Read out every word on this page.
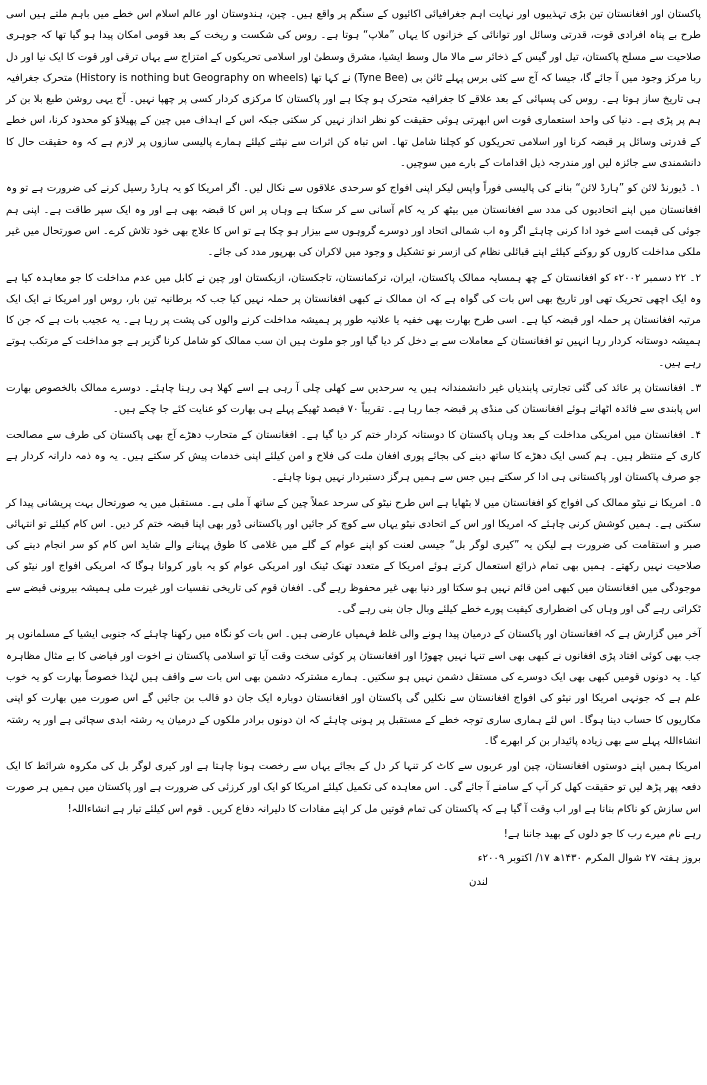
پاکستان اور افغانستان تین بڑی تہذیبوں اور نہایت اہم جغرافیائی اکائیوں کے سنگم پر واقع ہیں۔ چین، ہندوستان اور عالم اسلام اس خطے میں باہم ملتے ہیں اسی طرح بے پناہ افرادی قوت، قدرتی وسائل اور توانائی کے خزانوں کا یہاں ”ملاپ“ ہوتا ہے۔ روس کی شکست و ریخت کے بعد قومی امکان پیدا ہو گیا تھا کہ جوہری صلاحیت سے مسلح پاکستان، تیل اور گیس کے ذخائر سے مالا مال وسط ایشیا، مشرق وسطیٰ اور اسلامی تحریکوں کے امتزاج سے یہاں ترقی اور قوت کا ایک نیا اور دل ربا مرکز وجود میں آ جائے گا، جیسا کہ آج سے کئی برس پہلے ٹائن بی (Tyne Bee) نے کہا تھا (History is nothing but Geography on wheels) متحرک جغرافیہ ہی تاریخ ساز ہوتا ہے۔ روس کی پسپائی کے بعد علاقے کا جغرافیہ متحرک ہو چکا ہے اور پاکستان کا مرکزی کردار کسی پر چھپا نہیں۔ آج یہی روشن طبع بلا بن کر ہم پر پڑی ہے۔ دنیا کی واحد استعماری قوت اس ابھرتی ہوئی حقیقت کو نظر انداز نہیں کر سکتی جبکہ اس کے اہداف میں چین کے پھیلاؤ کو محدود کرنا، اس خطے کے قدرتی وسائل پر قبضہ کرنا اور اسلامی تحریکوں کو کچلنا شامل تھا۔ اس تباہ کن اثرات سے نپٹنے کیلئے ہمارے پالیسی سازوں پر لازم ہے کہ وہ حقیقت حال کا دانشمندی سے جائزہ لیں اور مندرجہ ذیل اقدامات کے بارے میں سوچیں۔

۱۔ ڈیورنڈ لائن کو ”ہارڈ لائن“ بنانے کی پالیسی فوراً واپس لیکر اپنی افواج کو سرحدی علاقوں سے نکال لیں۔ اگر امریکا کو یہ ہارڈ رسیل کرنے کی ضرورت ہے تو وہ افغانستان میں اپنے اتحادیوں کی مدد سے افغانستان میں بیٹھ کر یہ کام آسانی سے کر سکتا ہے وہاں پر اس کا قبضہ بھی ہے اور وہ ایک سپر طاقت ہے۔ اپنی ہم جوئی کی قیمت اسے خود ادا کرنی چاہئے اگر وہ اب شمالی اتحاد اور دوسرے گروہوں سے بیزار ہو چکا ہے تو اس کا علاج بھی خود تلاش کرے۔ اس صورتحال میں غیر ملکی مداخلت کاروں کو روکنے کیلئے اپنے قبائلی نظام کی ازسر نو تشکیل و وجود میں لاکران کی بھرپور مدد کی جائے۔

۲۔ ۲۲ دسمبر ۲۰۰۲ء کو افغانستان کے چھ ہمسایہ ممالک پاکستان، ایران، ترکمانستان، تاجکستان، ازبکستان اور چین نے کابل میں عدم مداخلت کا جو معاہدہ کیا ہے وہ ایک اچھی تحریک تھی اور تاریخ بھی اس بات کی گواہ ہے کہ ان ممالک نے کبھی افغانستان پر حملہ نہیں کیا جب کہ برطانیہ تین بار، روس اور امریکا نے ایک ایک مرتبہ افغانستان پر حملہ اور قبضہ کیا ہے۔ اسی طرح بھارت بھی خفیہ یا علانیہ طور پر ہمیشہ مداخلت کرنے والوں کی پشت پر رہا ہے۔ یہ عجیب بات ہے کہ جن کا ہمیشہ دوستانہ کردار رہا انہیں تو افغانستان کے معاملات سے بے دخل کر دیا گیا اور جو ملوث ہیں ان سب ممالک کو شامل کرنا گزیر ہے جو مداخلت کے مرتکب ہوتے رہے ہیں۔

۳۔ افغانستان پر عائد کی گئی تجارتی پابندیاں غیر دانشمندانہ ہیں یہ سرحدیں سے کھلی چلی آ رہی ہے اسے کھلا ہی رہنا چاہئے۔ دوسرے ممالک بالخصوص بھارت اس پابندی سے فائدہ اٹھاتے ہوئے افغانستان کی منڈی پر قبضہ جما رہا ہے۔ تقریباً ۷۰ فیصد ٹھیکے پہلے ہی بھارت کو عنایت کئے جا چکے ہیں۔

۴۔ افغانستان میں امریکی مداخلت کے بعد وہاں پاکستان کا دوستانہ کردار ختم کر دیا گیا ہے۔ افغانستان کے متحارب دھڑے آج بھی پاکستان کی طرف سے مصالحت کاری کے منتظر ہیں۔ ہم کسی ایک دھڑے کا ساتھ دینے کی بجائے پوری افغان ملت کی فلاح و امن کیلئے اپنی خدمات پیش کر سکتے ہیں۔ یہ وہ ذمہ دارانہ کردار ہے جو صرف پاکستان اور پاکستانی ہی ادا کر سکتے ہیں جس سے ہمیں ہرگز دستبردار نہیں ہونا چاہئے۔

۵۔ امریکا نے نیٹو ممالک کی افواج کو افغانستان میں لا بٹھایا ہے اس طرح نیٹو کی سرحد عملاً چین کے ساتھ آ ملی ہے۔ مستقبل میں یہ صورتحال بہت پریشانی پیدا کر سکتی ہے۔ ہمیں کوشش کرنی چاہئے کہ امریکا اور اس کے اتحادی نیٹو یہاں سے کوچ کر جائیں اور پاکستانی ڈور بھی اپنا قبضہ ختم کر دیں۔ اس کام کیلئے تو انتہائی صبر و استقامت کی ضرورت ہے لیکن یہ ”کیری لوگر بل“ جیسی لعنت کو اپنے عوام کے گلے میں غلامی کا طوق پہنانے والے شاید اس کام کو سر انجام دینے کی صلاحیت نہیں رکھتے۔ ہمیں بھی تمام ذرائع استعمال کرتے ہوئے امریکا کے متعدد تھنک ٹینک اور امریکی عوام کو یہ باور کروانا ہوگا کہ امریکی افواج اور نیٹو کی موجودگی میں افغانستان میں کبھی امن قائم نہیں ہو سکتا اور دنیا بھی غیر محفوظ رہے گی۔ افغان قوم کی تاریخی نفسیات اور غیرت ملی ہمیشہ بیرونی قبضے سے ٹکراتی رہے گی اور وہاں کی اضطراری کیفیت پورے خطے کیلئے وبال جان بنی رہے گی۔

آخر میں گزارش ہے کہ افغانستان اور پاکستان کے درمیان پیدا ہونے والی غلط فہمیاں عارضی ہیں۔ اس بات کو نگاہ میں رکھنا چاہئے کہ جنوبی ایشیا کے مسلمانوں پر جب بھی کوئی افتاد پڑی افغانوں نے کبھی بھی اسے تنہا نہیں چھوڑا اور افغانستان پر کوئی سخت وقت آیا تو اسلامی پاکستان نے اخوت اور فیاضی کا بے مثال مظاہرہ کیا۔ یہ دونوں قومیں کبھی بھی ایک دوسرے کی مستقل دشمن نہیں ہو سکتیں۔ ہمارے مشترکہ دشمن بھی اس بات سے واقف ہیں لہٰذا خصوصاً بھارت کو یہ خوب علم ہے کہ جونہی امریکا اور نیٹو کی افواج افغانستان سے نکلیں گی پاکستان اور افغانستان دوبارہ ایک جان دو قالب بن جائیں گے اس صورت میں بھارت کو اپنی مکاریوں کا حساب دینا ہوگا۔ اس لئے ہماری ساری توجہ خطے کے مستقبل پر ہونی چاہئے کہ ان دونوں برادر ملکوں کے درمیان یہ رشتہ ابدی سچائی ہے اور یہ رشتہ انشاءاللہ پہلے سے بھی زیادہ پائیدار بن کر ابھرے گا۔

امریکا ہمیں اپنے دوستوں افغانستان، چین اور عربوں سے کاٹ کر تنہا کر دل کے بجائے یہاں سے رخصت ہونا چاہتا ہے اور کیری لوگر بل کی مکروہ شرائط کا ایک دفعہ پھر پڑھ لیں تو حقیقت کھل کر آپ کے سامنے آ جائے گی۔ اس معاہدہ کی تکمیل کیلئے امریکا کو ایک اور کرزئی کی ضرورت ہے اور پاکستان میں ہمیں ہر صورت اس سازش کو ناکام بنانا ہے اور اب وقت آ گیا ہے کہ پاکستان کی تمام قوتیں مل کر اپنے مفادات کا دلیرانہ دفاع کریں۔ قوم اس کیلئے تیار ہے انشاءاللہ!

رہے نام میرے رب کا جو دلوں کے بھید جاننا ہے!

بروز ہفتہ ۲۷ شوال المکرم ۱۴۳۰ھ ۱۷/ اکتوبر ۲۰۰۹ء

لندن
